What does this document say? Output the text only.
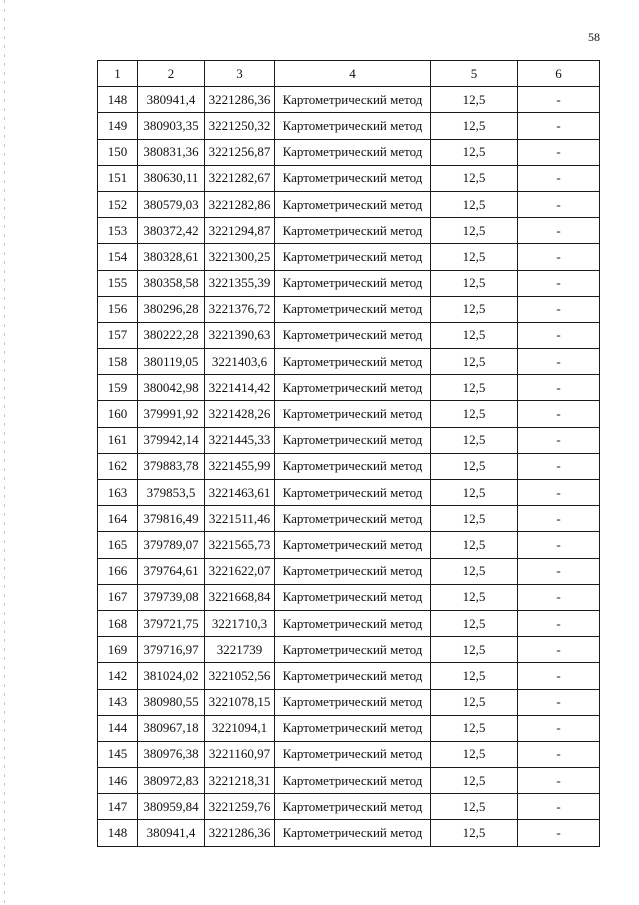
58
1	2	3	4	5	6
148	380941,4	3221286,36	Картометрический метод	12,5	-
149	380903,35	3221250,32	Картометрический метод	12,5	-
150	380831,36	3221256,87	Картометрический метод	12,5	-
151	380630,11	3221282,67	Картометрический метод	12,5	-
152	380579,03	3221282,86	Картометрический метод	12,5	-
153	380372,42	3221294,87	Картометрический метод	12,5	-
154	380328,61	3221300,25	Картометрический метод	12,5	-
155	380358,58	3221355,39	Картометрический метод	12,5	-
156	380296,28	3221376,72	Картометрический метод	12,5	-
157	380222,28	3221390,63	Картометрический метод	12,5	-
158	380119,05	3221403,6	Картометрический метод	12,5	-
159	380042,98	3221414,42	Картометрический метод	12,5	-
160	379991,92	3221428,26	Картометрический метод	12,5	-
161	379942,14	3221445,33	Картометрический метод	12,5	-
162	379883,78	3221455,99	Картометрический метод	12,5	-
163	379853,5	3221463,61	Картометрический метод	12,5	-
164	379816,49	3221511,46	Картометрический метод	12,5	-
165	379789,07	3221565,73	Картометрический метод	12,5	-
166	379764,61	3221622,07	Картометрический метод	12,5	-
167	379739,08	3221668,84	Картометрический метод	12,5	-
168	379721,75	3221710,3	Картометрический метод	12,5	-
169	379716,97	3221739	Картометрический метод	12,5	-
142	381024,02	3221052,56	Картометрический метод	12,5	-
143	380980,55	3221078,15	Картометрический метод	12,5	-
144	380967,18	3221094,1	Картометрический метод	12,5	-
145	380976,38	3221160,97	Картометрический метод	12,5	-
146	380972,83	3221218,31	Картометрический метод	12,5	-
147	380959,84	3221259,76	Картометрический метод	12,5	-
148	380941,4	3221286,36	Картометрический метод	12,5	-
